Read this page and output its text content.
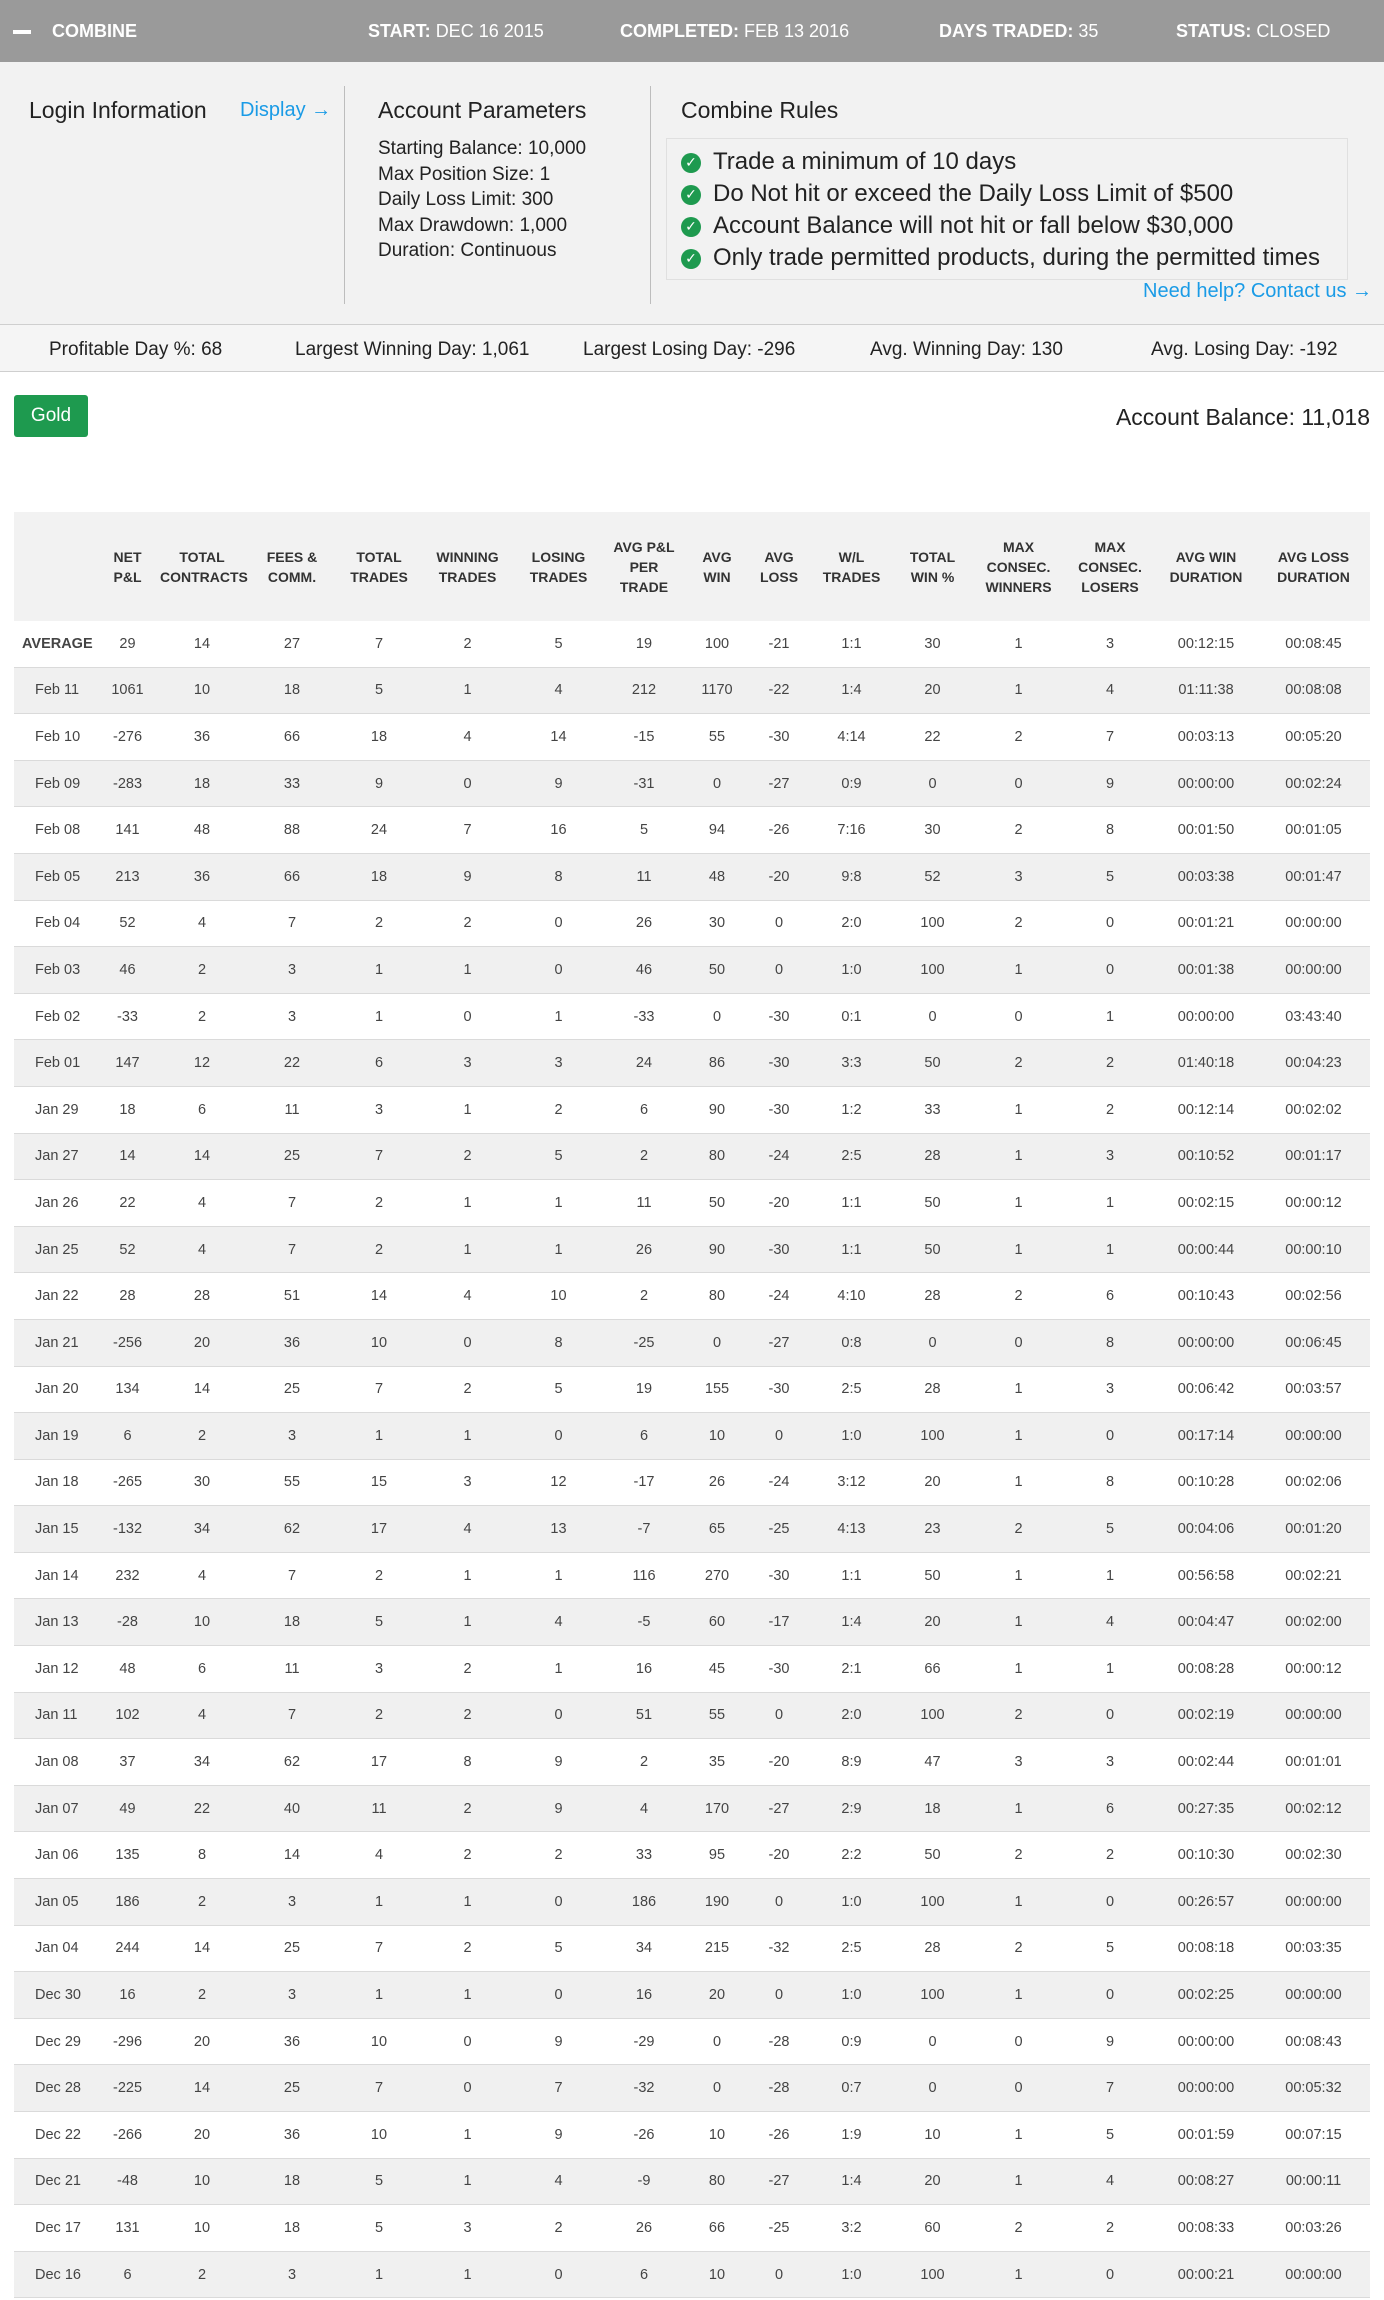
COMBINE	START: DEC 16 2015	COMPLETED: FEB 13 2016	DAYS TRADED: 35	STATUS: CLOSED
Login Information Display → Account Parameters
Starting Balance: 10,000
Max Position Size: 1
Daily Loss Limit: 300
Max Drawdown: 1,000
Duration: Continuous
Combine Rules
✓ Trade a minimum of 10 days
✓ Do Not hit or exceed the Daily Loss Limit of $500
✓ Account Balance will not hit or fall below $30,000
✓ Only trade permitted products, during the permitted times
Need help? Contact us →
Profitable Day %: 68	Largest Winning Day: 1,061	Largest Losing Day: -296	Avg. Winning Day: 130	Avg. Losing Day: -192
Gold	Account Balance: 11,018
	NET P&L	TOTAL CONTRACTS	FEES & COMM.	TOTAL TRADES	WINNING TRADES	LOSING TRADES	AVG P&L PER TRADE	AVG WIN	AVG LOSS	W/L TRADES	TOTAL WIN %	MAX CONSEC. WINNERS	MAX CONSEC. LOSERS	AVG WIN DURATION	AVG LOSS DURATION
AVERAGE	29	14	27	7	2	5	19	100	-21	1:1	30	1	3	00:12:15	00:08:45
Feb 11	1061	10	18	5	1	4	212	1170	-22	1:4	20	1	4	01:11:38	00:08:08
Feb 10	-276	36	66	18	4	14	-15	55	-30	4:14	22	2	7	00:03:13	00:05:20
Feb 09	-283	18	33	9	0	9	-31	0	-27	0:9	0	0	9	00:00:00	00:02:24
Feb 08	141	48	88	24	7	16	5	94	-26	7:16	30	2	8	00:01:50	00:01:05
Feb 05	213	36	66	18	9	8	11	48	-20	9:8	52	3	5	00:03:38	00:01:47
Feb 04	52	4	7	2	2	0	26	30	0	2:0	100	2	0	00:01:21	00:00:00
Feb 03	46	2	3	1	1	0	46	50	0	1:0	100	1	0	00:01:38	00:00:00
Feb 02	-33	2	3	1	0	1	-33	0	-30	0:1	0	0	1	00:00:00	03:43:40
Feb 01	147	12	22	6	3	3	24	86	-30	3:3	50	2	2	01:40:18	00:04:23
Jan 29	18	6	11	3	1	2	6	90	-30	1:2	33	1	2	00:12:14	00:02:02
Jan 27	14	14	25	7	2	5	2	80	-24	2:5	28	1	3	00:10:52	00:01:17
Jan 26	22	4	7	2	1	1	11	50	-20	1:1	50	1	1	00:02:15	00:00:12
Jan 25	52	4	7	2	1	1	26	90	-30	1:1	50	1	1	00:00:44	00:00:10
Jan 22	28	28	51	14	4	10	2	80	-24	4:10	28	2	6	00:10:43	00:02:56
Jan 21	-256	20	36	10	0	8	-25	0	-27	0:8	0	0	8	00:00:00	00:06:45
Jan 20	134	14	25	7	2	5	19	155	-30	2:5	28	1	3	00:06:42	00:03:57
Jan 19	6	2	3	1	1	0	6	10	0	1:0	100	1	0	00:17:14	00:00:00
Jan 18	-265	30	55	15	3	12	-17	26	-24	3:12	20	1	8	00:10:28	00:02:06
Jan 15	-132	34	62	17	4	13	-7	65	-25	4:13	23	2	5	00:04:06	00:01:20
Jan 14	232	4	7	2	1	1	116	270	-30	1:1	50	1	1	00:56:58	00:02:21
Jan 13	-28	10	18	5	1	4	-5	60	-17	1:4	20	1	4	00:04:47	00:02:00
Jan 12	48	6	11	3	2	1	16	45	-30	2:1	66	1	1	00:08:28	00:00:12
Jan 11	102	4	7	2	2	0	51	55	0	2:0	100	2	0	00:02:19	00:00:00
Jan 08	37	34	62	17	8	9	2	35	-20	8:9	47	3	3	00:02:44	00:01:01
Jan 07	49	22	40	11	2	9	4	170	-27	2:9	18	1	6	00:27:35	00:02:12
Jan 06	135	8	14	4	2	2	33	95	-20	2:2	50	2	2	00:10:30	00:02:30
Jan 05	186	2	3	1	1	0	186	190	0	1:0	100	1	0	00:26:57	00:00:00
Jan 04	244	14	25	7	2	5	34	215	-32	2:5	28	2	5	00:08:18	00:03:35
Dec 30	16	2	3	1	1	0	16	20	0	1:0	100	1	0	00:02:25	00:00:00
Dec 29	-296	20	36	10	0	9	-29	0	-28	0:9	0	0	9	00:00:00	00:08:43
Dec 28	-225	14	25	7	0	7	-32	0	-28	0:7	0	0	7	00:00:00	00:05:32
Dec 22	-266	20	36	10	1	9	-26	10	-26	1:9	10	1	5	00:01:59	00:07:15
Dec 21	-48	10	18	5	1	4	-9	80	-27	1:4	20	1	4	00:08:27	00:00:11
Dec 17	131	10	18	5	3	2	26	66	-25	3:2	60	2	2	00:08:33	00:03:26
Dec 16	6	2	3	1	1	0	6	10	0	1:0	100	1	0	00:00:21	00:00:00
